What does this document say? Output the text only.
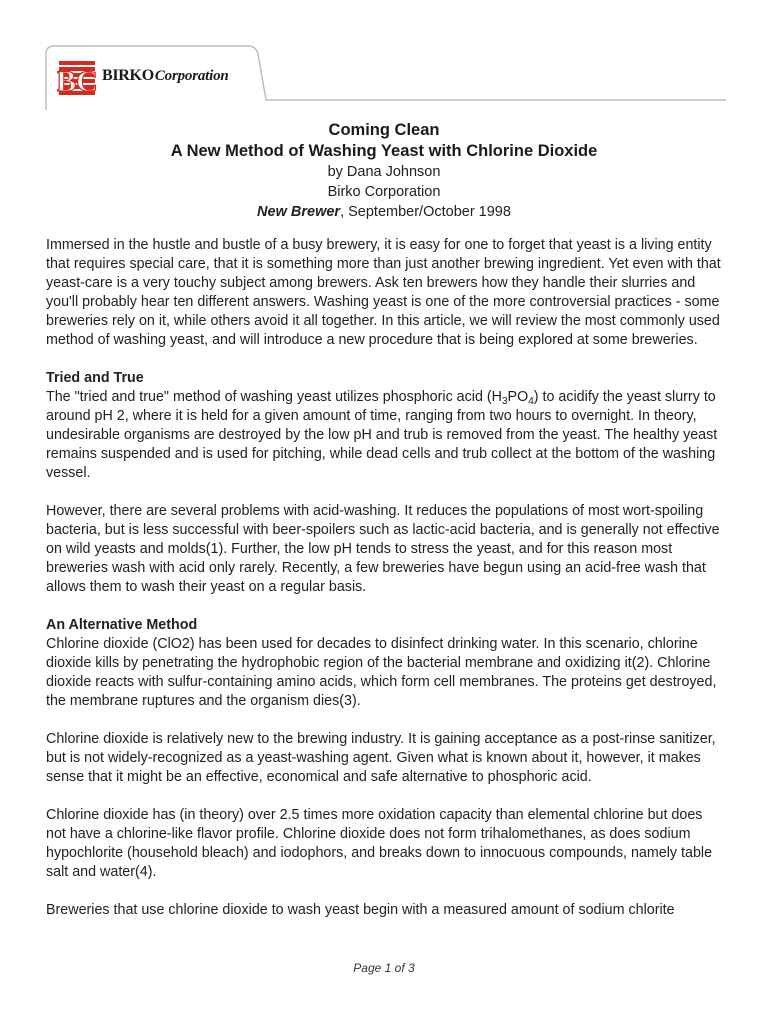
BC BIRKOCorporation
Coming Clean
A New Method of Washing Yeast with Chlorine Dioxide
by Dana Johnson
Birko Corporation
New Brewer, September/October 1998

Immersed in the hustle and bustle of a busy brewery, it is easy for one to forget that yeast is a living entity that requires special care, that it is something more than just another brewing ingredient. Yet even with that yeast-care is a very touchy subject among brewers. Ask ten brewers how they handle their slurries and you'll probably hear ten different answers. Washing yeast is one of the more controversial practices - some breweries rely on it, while others avoid it all together. In this article, we will review the most commonly used method of washing yeast, and will introduce a new procedure that is being explored at some breweries.

Tried and True

The "tried and true" method of washing yeast utilizes phosphoric acid $(H_3PO_4)$ to acidify the yeast slurry to around pH 2, where it is held for a given amount of time, ranging from two hours to overnight. In theory, undesirable organisms are destroyed by the low pH and trub is removed from the yeast. The healthy yeast remains suspended and is used for pitching, while dead cells and trub collect at the bottom of the washing vessel.

However, there are several problems with acid-washing. It reduces the populations of most wort-spoiling bacteria, but is less successful with beer-spoilers such as lactic-acid bacteria, and is generally not effective on wild yeasts and molds(1). Further, the low pH tends to stress the yeast, and for this reason most breweries wash with acid only rarely. Recently, a few breweries have begun using an acid-free wash that allows them to wash their yeast on a regular basis.

An Alternative Method

Chlorine dioxide (ClO2) has been used for decades to disinfect drinking water. In this scenario, chlorine dioxide kills by penetrating the hydrophobic region of the bacterial membrane and oxidizing it(2). Chlorine dioxide reacts with sulfur-containing amino acids, which form cell membranes. The proteins get destroyed, the membrane ruptures and the organism dies(3).

Chlorine dioxide is relatively new to the brewing industry. It is gaining acceptance as a post-rinse sanitizer, but is not widely-recognized as a yeast-washing agent. Given what is known about it, however, it makes sense that it might be an effective, economical and safe alternative to phosphoric acid.

Chlorine dioxide has (in theory) over 2.5 times more oxidation capacity than elemental chlorine but does not have a chlorine-like flavor profile. Chlorine dioxide does not form trihalomethanes, as does sodium hypochlorite (household bleach) and iodophors, and breaks down to innocuous compounds, namely table salt and water(4).

Breweries that use chlorine dioxide to wash yeast begin with a measured amount of sodium chlorite

Page 1 of 3
